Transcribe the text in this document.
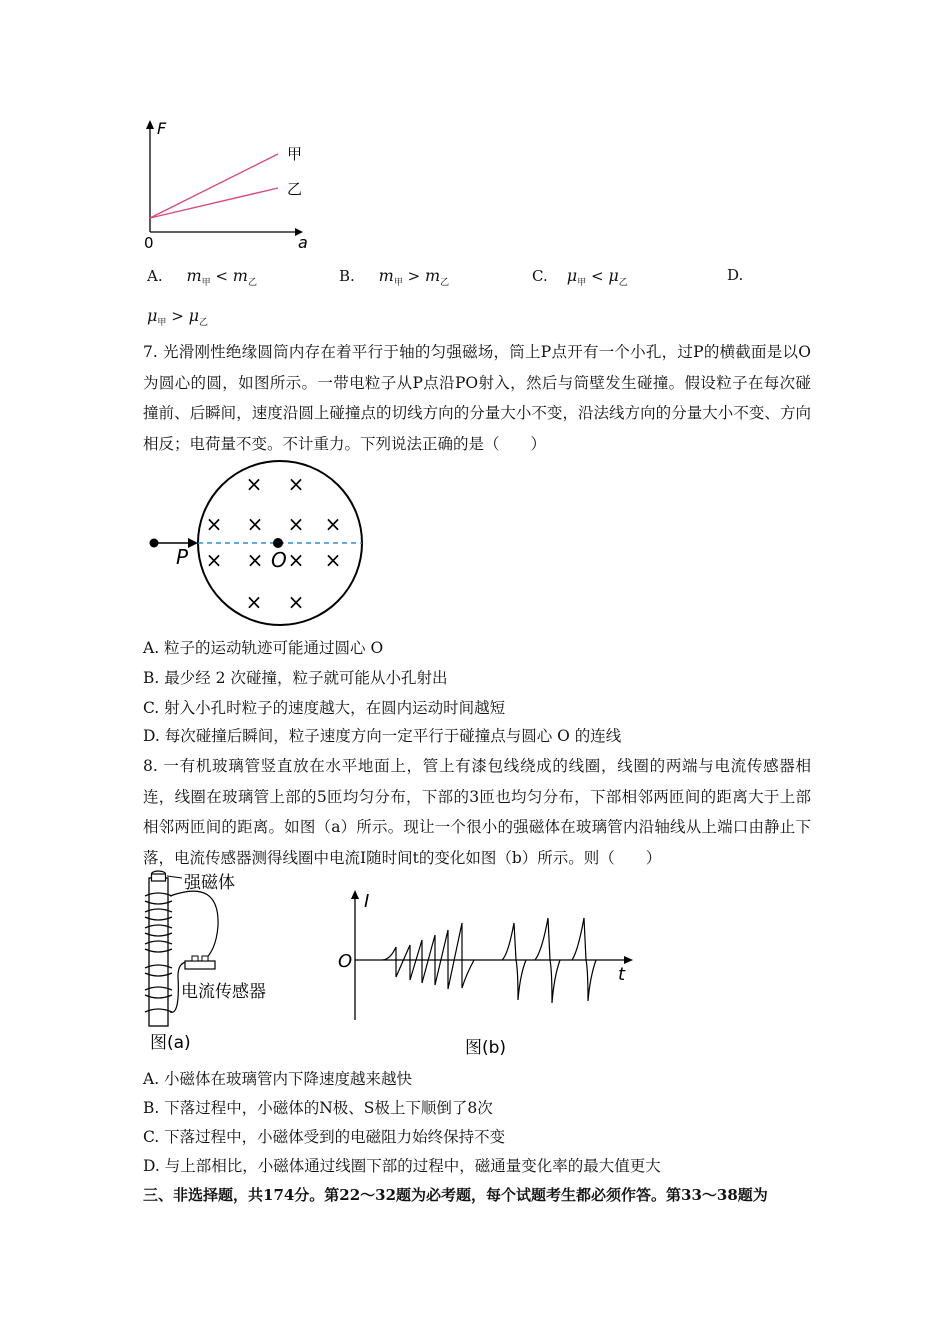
F
a
0
甲
乙
A. $m_甲 < m_乙$	B. $m_甲 > m_乙$	C. $\mu_甲 < \mu_乙$	D.
$\mu_甲 > \mu_乙$
7. 光滑刚性绝缘圆筒内存在着平行于轴的匀强磁场，筒上P点开有一个小孔，过P的横截面是以O为圆心的圆，如图所示。一带电粒子从P点沿PO射入，然后与筒壁发生碰撞。假设粒子在每次碰撞前、后瞬间，速度沿圆上碰撞点的切线方向的分量大小不变，沿法线方向的分量大小不变、方向相反；电荷量不变。不计重力。下列说法正确的是（　　）
P	O
× ×
× × × ×
× × × ×
× ×
A. 粒子的运动轨迹可能通过圆心 O
B. 最少经 2 次碰撞，粒子就可能从小孔射出
C. 射入小孔时粒子的速度越大，在圆内运动时间越短
D. 每次碰撞后瞬间，粒子速度方向一定平行于碰撞点与圆心 O 的连线
8. 一有机玻璃管竖直放在水平地面上，管上有漆包线绕成的线圈，线圈的两端与电流传感器相连，线圈在玻璃管上部的5匝均匀分布，下部的3匝也均匀分布，下部相邻两匝间的距离大于上部相邻两匝间的距离。如图（a）所示。现让一个很小的强磁体在玻璃管内沿轴线从上端口由静止下落，电流传感器测得线圈中电流I随时间t的变化如图（b）所示。则（　　）
强磁体
电流传感器
图(a)
I
t
O
图(b)
A. 小磁体在玻璃管内下降速度越来越快
B. 下落过程中，小磁体的N极、S极上下顺倒了8次
C. 下落过程中，小磁体受到的电磁阻力始终保持不变
D. 与上部相比，小磁体通过线圈下部的过程中，磁通量变化率的最大值更大
三、非选择题，共174分。第22～32题为必考题，每个试题考生都必须作答。第33～38题为
